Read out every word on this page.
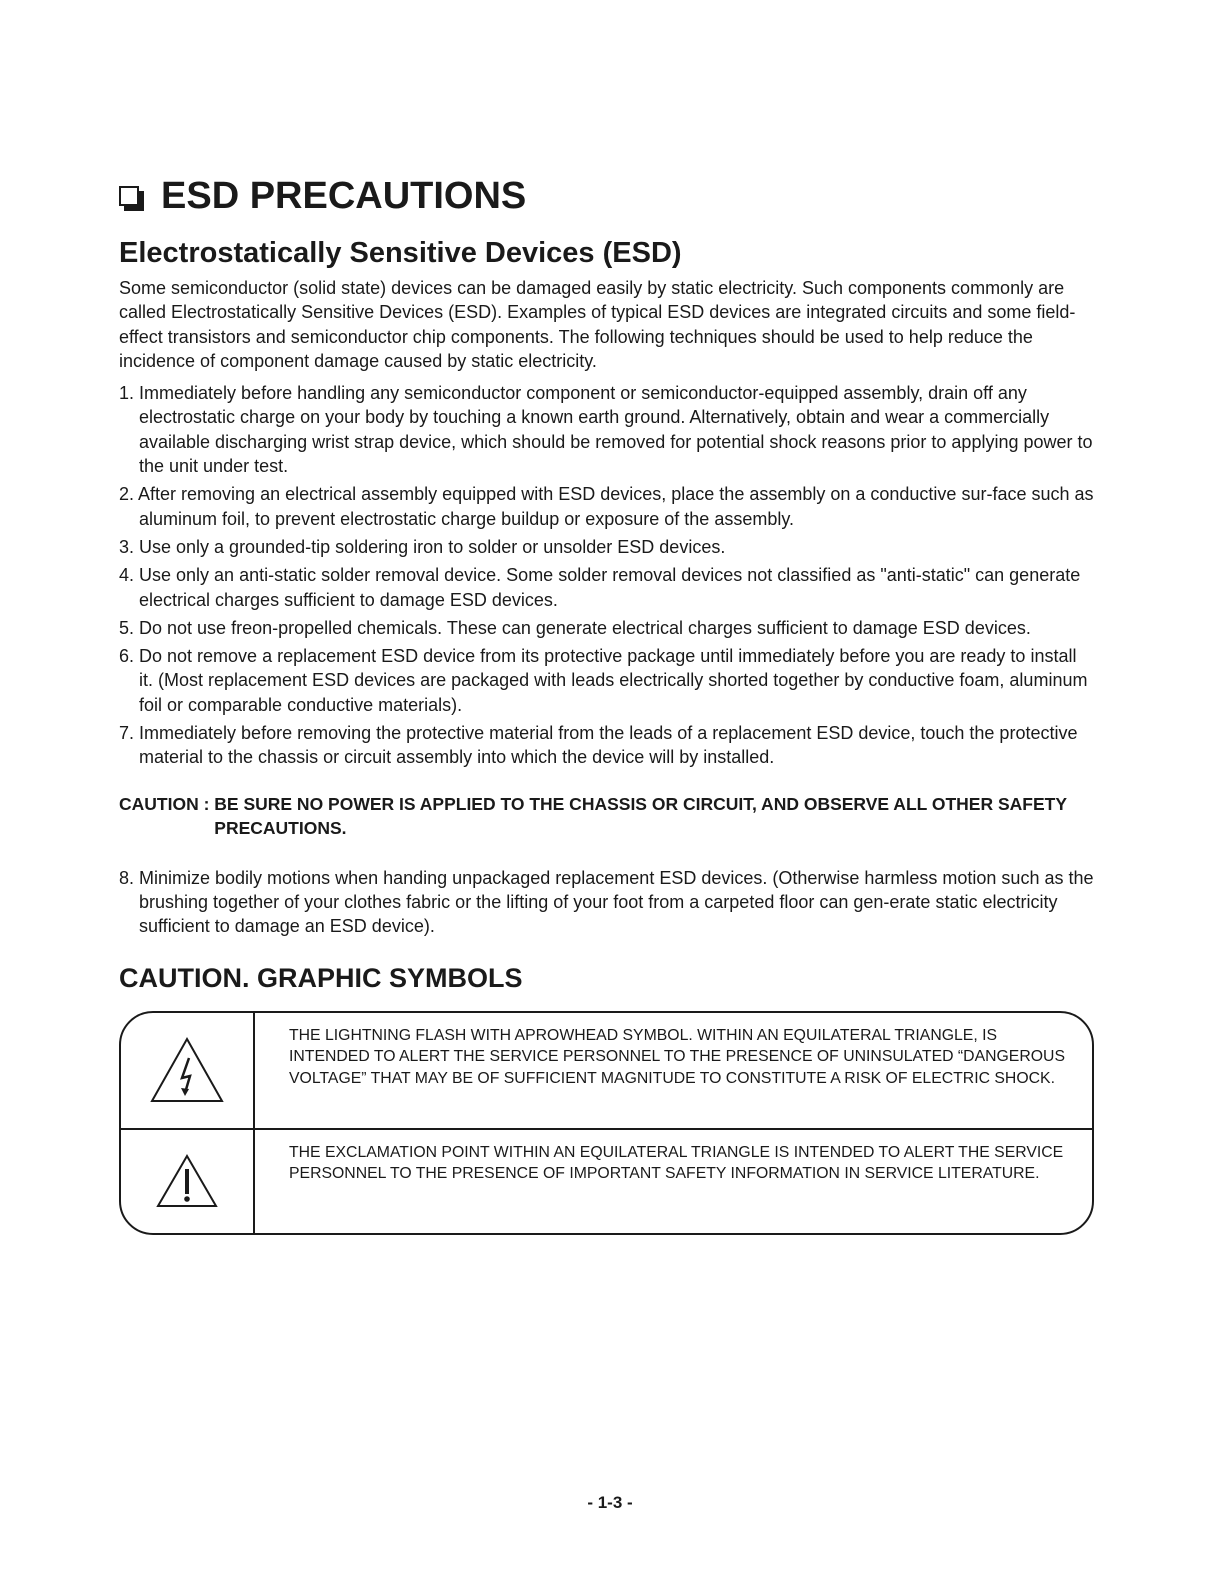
ESD PRECAUTIONS
Electrostatically Sensitive Devices (ESD)

Some semiconductor (solid state) devices can be damaged easily by static electricity. Such components commonly are called Electrostatically Sensitive Devices (ESD). Examples of typical ESD devices are integrated circuits and some field-effect transistors and semiconductor chip components. The following techniques should be used to help reduce the incidence of component damage caused by static electricity.

1. Immediately before handling any semiconductor component or semiconductor-equipped assembly, drain off any electrostatic charge on your body by touching a known earth ground. Alternatively, obtain and wear a commercially available discharging wrist strap device, which should be removed for potential shock reasons prior to applying power to the unit under test.
2. After removing an electrical assembly equipped with ESD devices, place the assembly on a conductive sur-face such as aluminum foil, to prevent electrostatic charge buildup or exposure of the assembly.
3. Use only a grounded-tip soldering iron to solder or unsolder ESD devices.
4. Use only an anti-static solder removal device. Some solder removal devices not classified as "anti-static" can generate electrical charges sufficient to damage ESD devices.
5. Do not use freon-propelled chemicals. These can generate electrical charges sufficient to damage ESD devices.
6. Do not remove a replacement ESD device from its protective package until immediately before you are ready to install it. (Most replacement ESD devices are packaged with leads electrically shorted together by conductive foam, aluminum foil or comparable conductive materials).
7. Immediately before removing the protective material from the leads of a replacement ESD device, touch the protective material to the chassis or circuit assembly into which the device will by installed.
CAUTION : BE SURE NO POWER IS APPLIED TO THE CHASSIS OR CIRCUIT, AND OBSERVE ALL OTHER SAFETY PRECAUTIONS.
8. Minimize bodily motions when handing unpackaged replacement ESD devices. (Otherwise harmless motion such as the brushing together of your clothes fabric or the lifting of your foot from a carpeted floor can gen-erate static electricity sufficient to damage an ESD device).
CAUTION. GRAPHIC SYMBOLS
THE LIGHTNING FLASH WITH APROWHEAD SYMBOL. WITHIN AN EQUILATERAL TRIANGLE, IS INTENDED TO ALERT THE SERVICE PERSONNEL TO THE PRESENCE OF UNINSULATED “DANGEROUS VOLTAGE” THAT MAY BE OF SUFFICIENT MAGNITUDE TO CONSTITUTE A RISK OF ELECTRIC SHOCK.
THE EXCLAMATION POINT WITHIN AN EQUILATERAL TRIANGLE IS INTENDED TO ALERT THE SERVICE PERSONNEL TO THE PRESENCE OF IMPORTANT SAFETY INFORMATION IN SERVICE LITERATURE.
- 1-3 -
